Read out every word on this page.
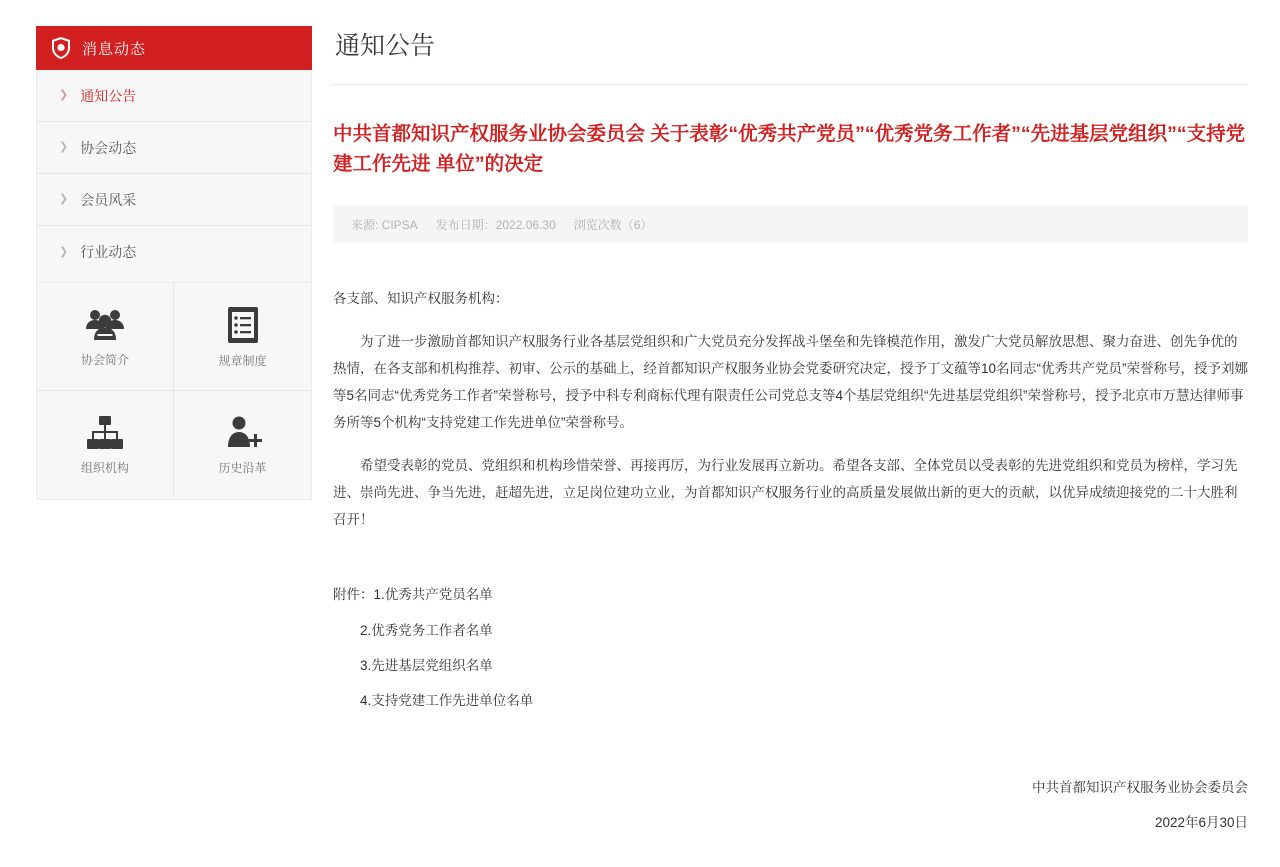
消息动态
❯ 通知公告
❯ 协会动态
❯ 会员风采
❯ 行业动态
协会简介	规章制度
组织机构	历史沿革
通知公告
中共首都知识产权服务业协会委员会 关于表彰“优秀共产党员”“优秀党务工作者”“先进基层党组织”“支持党建工作先进 单位”的决定
来源: CIPSA 发布日期：2022.06.30 浏览次数（6）

各支部、知识产权服务机构：

为了进一步激励首都知识产权服务行业各基层党组织和广大党员充分发挥战斗堡垒和先锋模范作用，激发广大党员解放思想、聚力奋进、创先争优的热情，在各支部和机构推荐、初审、公示的基础上，经首都知识产权服务业协会党委研究决定，授予丁文蕴等10名同志“优秀共产党员”荣誉称号，授予刘娜等5名同志“优秀党务工作者”荣誉称号，授予中科专利商标代理有限责任公司党总支等4个基层党组织“先进基层党组织”荣誉称号，授予北京市万慧达律师事务所等5个机构“支持党建工作先进单位”荣誉称号。

希望受表彰的党员、党组织和机构珍惜荣誉、再接再厉，为行业发展再立新功。希望各支部、全体党员以受表彰的先进党组织和党员为榜样，学习先进、崇尚先进、争当先进，赶超先进，立足岗位建功立业，为首都知识产权服务行业的高质量发展做出新的更大的贡献，以优异成绩迎接党的二十大胜利召开！

附件：1.优秀共产党员名单
2.优秀党务工作者名单
3.先进基层党组织名单
4.支持党建工作先进单位名单
中共首都知识产权服务业协会委员会
2022年6月30日
